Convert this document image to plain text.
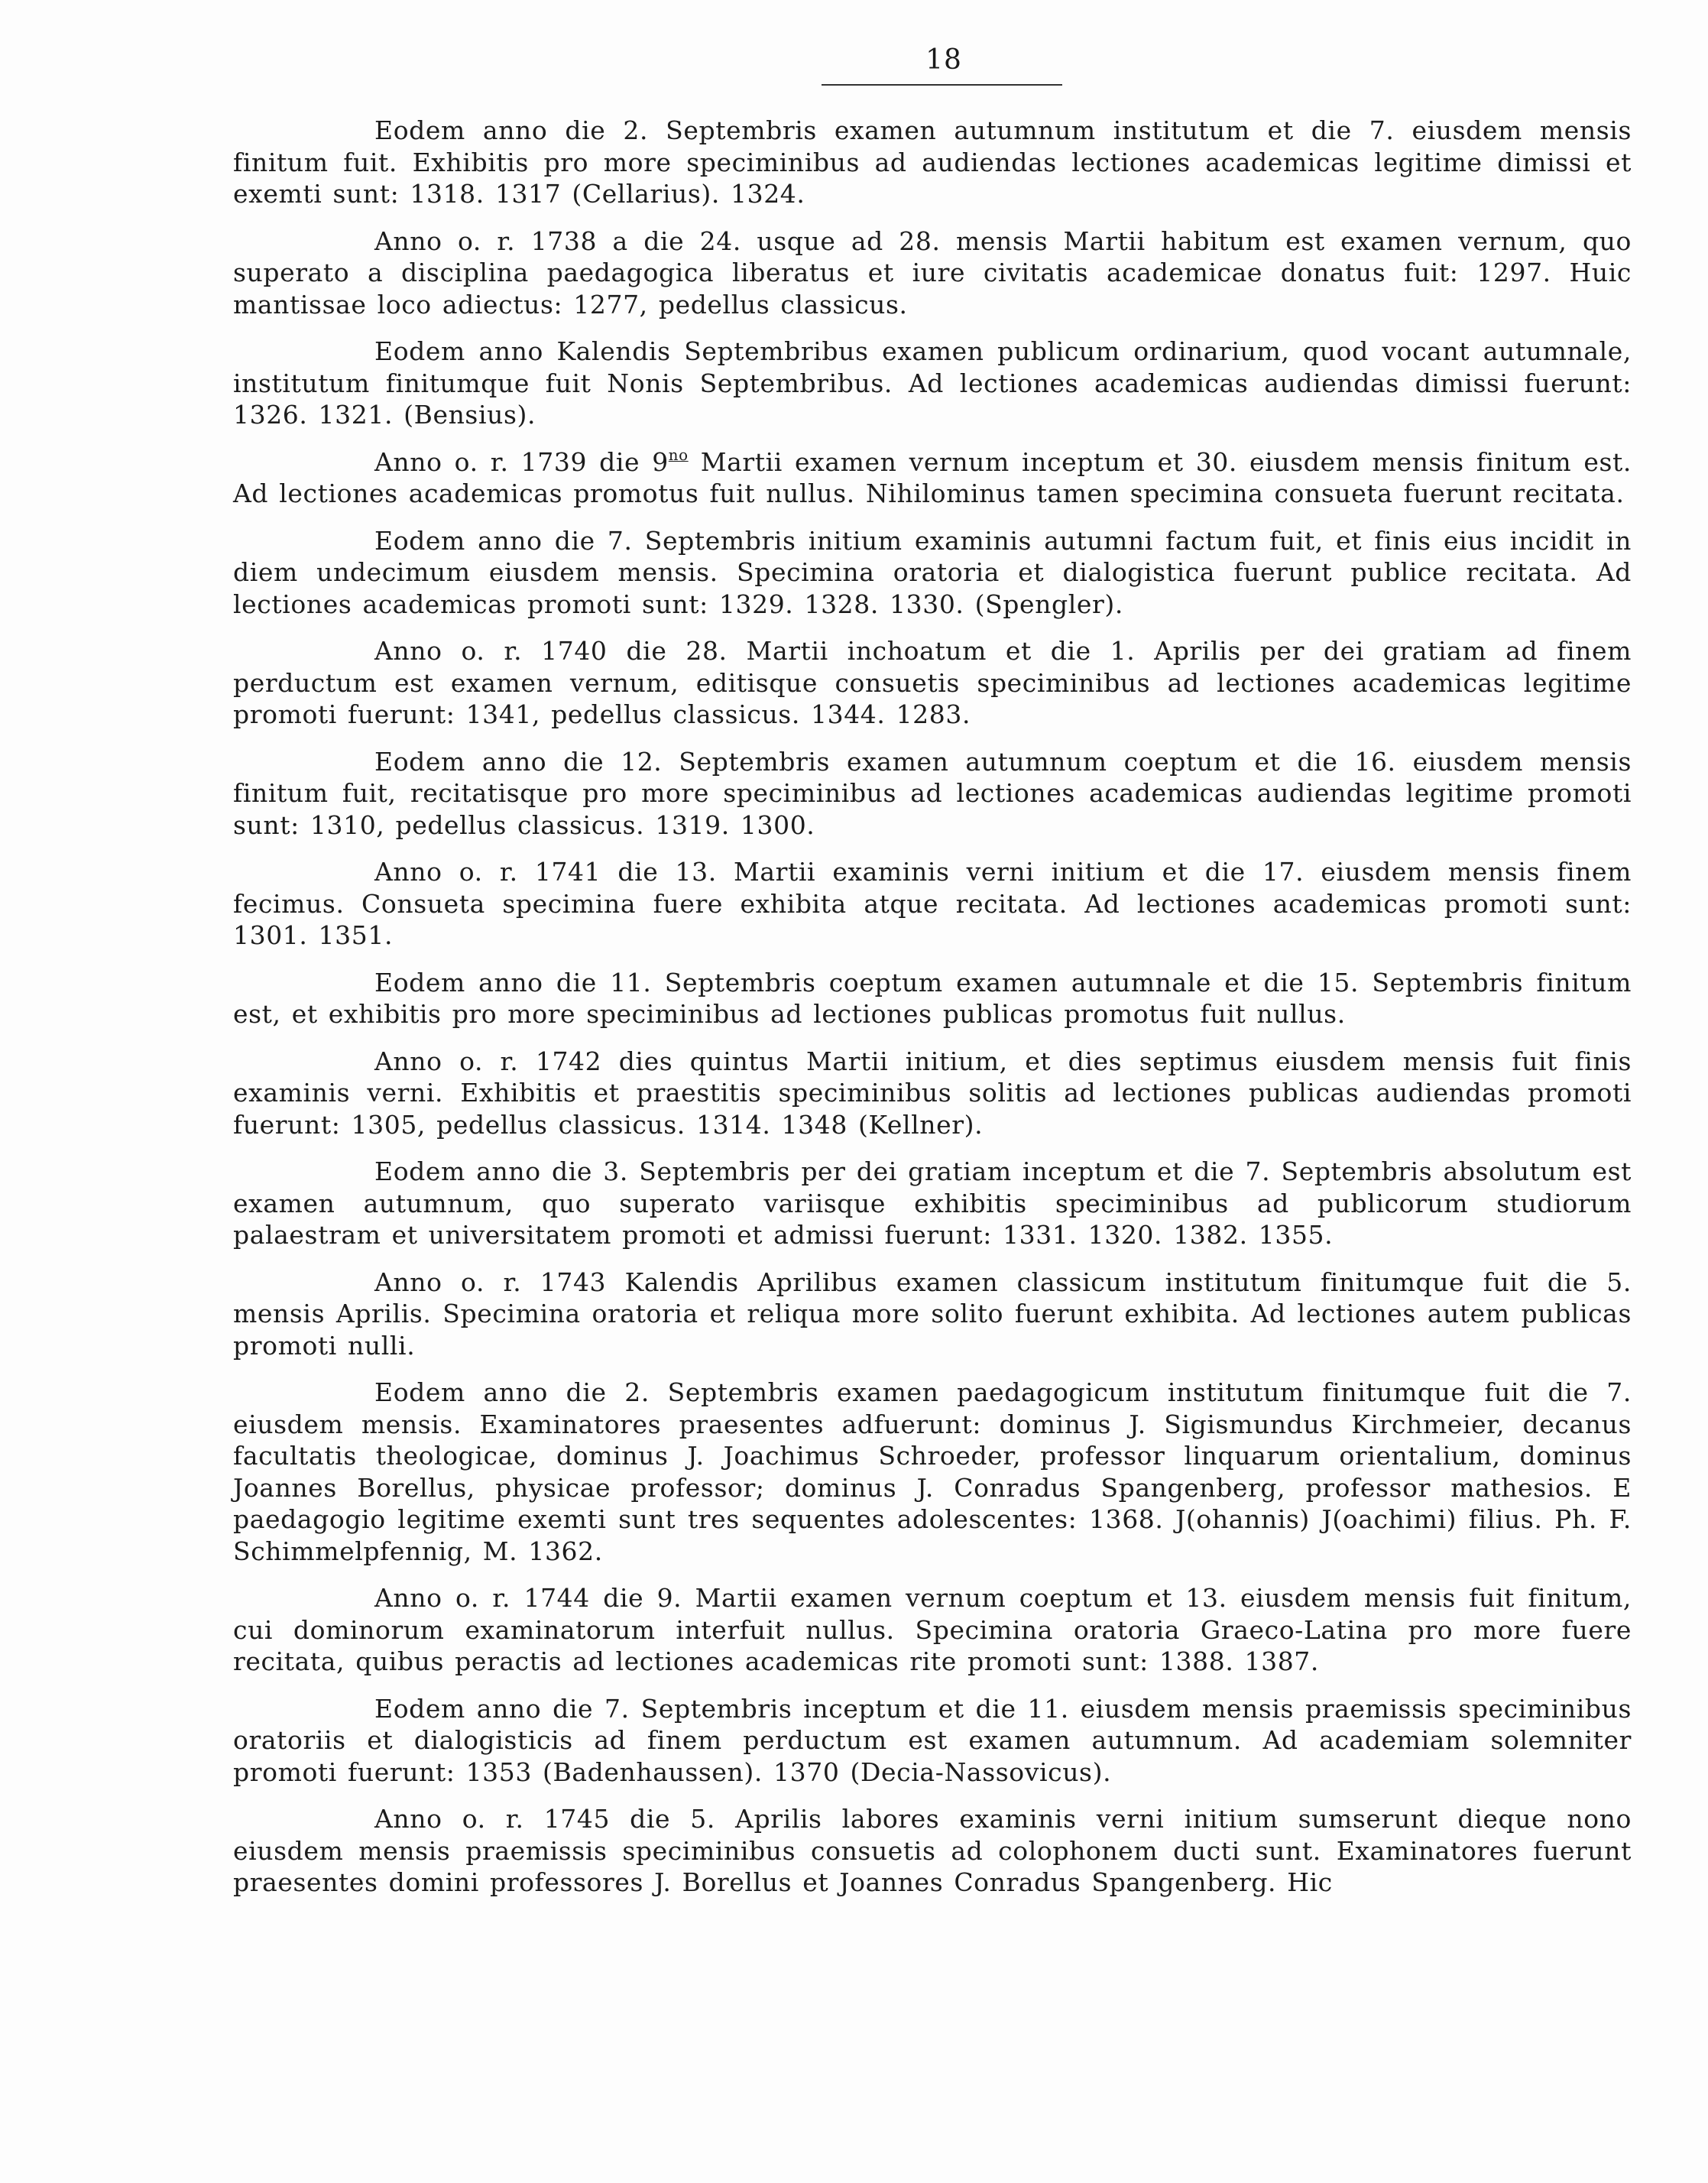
18

Eodem anno die 2. Septembris examen autumnum institutum et die 7. eiusdem mensis finitum fuit. Exhibitis pro more speciminibus ad audiendas lectiones academicas legitime dimissi et exemti sunt: 1318. 1317 (Cellarius). 1324.

Anno o. r. 1738 a die 24. usque ad 28. mensis Martii habitum est examen vernum, quo superato a disciplina paedagogica liberatus et iure civitatis academicae donatus fuit: 1297. Huic mantissae loco adiectus: 1277, pedellus classicus.

Eodem anno Kalendis Septembribus examen publicum ordinarium, quod vocant autumnale, institutum finitumque fuit Nonis Septembribus. Ad lectiones academicas audiendas dimissi fuerunt: 1326. 1321. (Bensius).

Anno o. r. 1739 die $9^{no}$ Martii examen vernum inceptum et 30. eiusdem mensis finitum est. Ad lectiones academicas promotus fuit nullus. Nihilominus tamen specimina consueta fuerunt recitata.

Eodem anno die 7. Septembris initium examinis autumni factum fuit, et finis eius incidit in diem undecimum eiusdem mensis. Specimina oratoria et dialogistica fuerunt publice recitata. Ad lectiones academicas promoti sunt: 1329. 1328. 1330. (Spengler).

Anno o. r. 1740 die 28. Martii inchoatum et die 1. Aprilis per dei gratiam ad finem perductum est examen vernum, editisque consuetis speciminibus ad lectiones academicas legitime promoti fuerunt: 1341, pedellus classicus. 1344. 1283.

Eodem anno die 12. Septembris examen autumnum coeptum et die 16. eiusdem mensis finitum fuit, recitatisque pro more speciminibus ad lectiones academicas audiendas legitime promoti sunt: 1310, pedellus classicus. 1319. 1300.

Anno o. r. 1741 die 13. Martii examinis verni initium et die 17. eiusdem mensis finem fecimus. Consueta specimina fuere exhibita atque recitata. Ad lectiones academicas promoti sunt: 1301. 1351.

Eodem anno die 11. Septembris coeptum examen autumnale et die 15. Septembris finitum est, et exhibitis pro more speciminibus ad lectiones publicas promotus fuit nullus.

Anno o. r. 1742 dies quintus Martii initium, et dies septimus eiusdem mensis fuit finis examinis verni. Exhibitis et praestitis speciminibus solitis ad lectiones publicas audiendas promoti fuerunt: 1305, pedellus classicus. 1314. 1348 (Kellner).

Eodem anno die 3. Septembris per dei gratiam inceptum et die 7. Septembris absolutum est examen autumnum, quo superato variisque exhibitis speciminibus ad publicorum studiorum palaestram et universitatem promoti et admissi fuerunt: 1331. 1320. 1382. 1355.

Anno o. r. 1743 Kalendis Aprilibus examen classicum institutum finitumque fuit die 5. mensis Aprilis. Specimina oratoria et reliqua more solito fuerunt exhibita. Ad lectiones autem publicas promoti nulli.

Eodem anno die 2. Septembris examen paedagogicum institutum finitumque fuit die 7. eiusdem mensis. Examinatores praesentes adfuerunt: dominus J. Sigismundus Kirchmeier, decanus facultatis theologicae, dominus J. Joachimus Schroeder, professor linquarum orientalium, dominus Joannes Borellus, physicae professor; dominus J. Conradus Spangenberg, professor mathesios. E paedagogio legitime exemti sunt tres sequentes adolescentes: 1368. J(ohannis) J(oachimi) filius. Ph. F. Schimmelpfennig, M. 1362.

Anno o. r. 1744 die 9. Martii examen vernum coeptum et 13. eiusdem mensis fuit finitum, cui dominorum examinatorum interfuit nullus. Specimina oratoria Graeco-Latina pro more fuere recitata, quibus peractis ad lectiones academicas rite promoti sunt: 1388. 1387.

Eodem anno die 7. Septembris inceptum et die 11. eiusdem mensis praemissis speciminibus oratoriis et dialogisticis ad finem perductum est examen autumnum. Ad academiam solemniter promoti fuerunt: 1353 (Badenhaussen). 1370 (Decia-Nassovicus).

Anno o. r. 1745 die 5. Aprilis labores examinis verni initium sumserunt dieque nono eiusdem mensis praemissis speciminibus consuetis ad colophonem ducti sunt. Examinatores fuerunt praesentes domini professores J. Borellus et Joannes Conradus Spangenberg. Hic
